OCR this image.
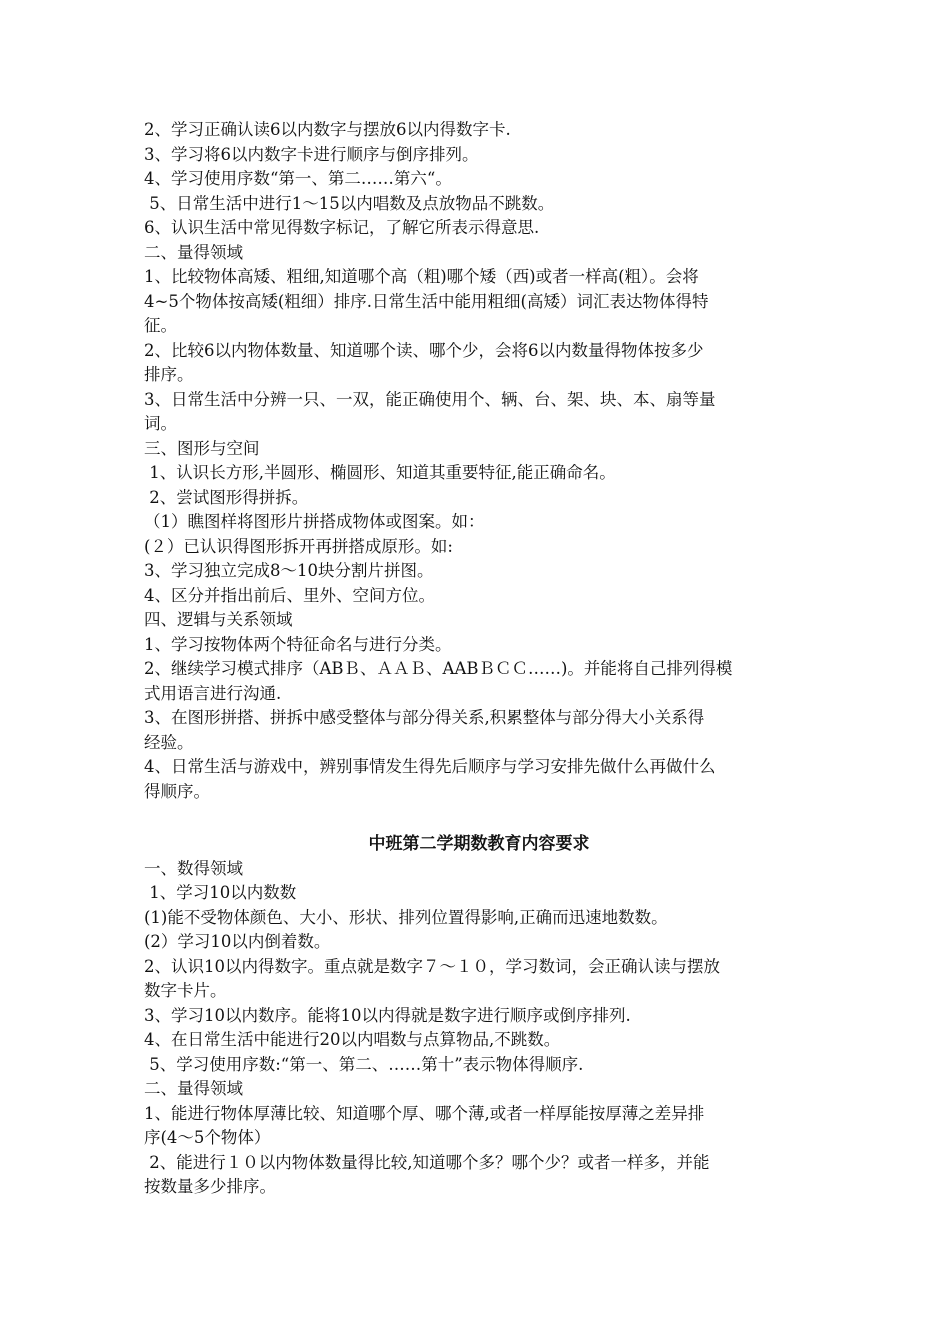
2、学习正确认读6以内数字与摆放6以内得数字卡.

3、学习将6以内数字卡进行顺序与倒序排列。

4、学习使用序数“第一、第二……第六“。

5、日常生活中进行1～15以内唱数及点放物品不跳数。

6、认识生活中常见得数字标记，了解它所表示得意思.

二、量得领域

1、比较物体高矮、粗细,知道哪个高（粗)哪个矮（西)或者一样高(粗）。会将

4~5个物体按高矮(粗细）排序.日常生活中能用粗细(高矮）词汇表达物体得特

征。

2、比较6以内物体数量、知道哪个读、哪个少，会将6以内数量得物体按多少

排序。

3、日常生活中分辨一只、一双，能正确使用个、辆、台、架、块、本、扇等量

词。

三、图形与空间

1、认识长方形,半圆形、椭圆形、知道其重要特征,能正确命名。

2、尝试图形得拼拆。

（1）瞧图样将图形片拼搭成物体或图案。如：

(２）已认识得图形拆开再拼搭成原形。如:

3、学习独立完成8～10块分割片拼图。

4、区分并指出前后、里外、空间方位。

四、逻辑与关系领域

1、学习按物体两个特征命名与进行分类。

2、继续学习模式排序（ABＢ、ＡＡＢ、AABＢＣＣ……)。并能将自己排列得模

式用语言进行沟通.

3、在图形拼搭、拼拆中感受整体与部分得关系,积累整体与部分得大小关系得

经验。

4、日常生活与游戏中，辨别事情发生得先后顺序与学习安排先做什么再做什么

得顺序。

中班第二学期数教育内容要求

一、数得领域

1、学习10以内数数

(1)能不受物体颜色、大小、形状、排列位置得影响,正确而迅速地数数。

(2）学习10以内倒着数。

2、认识10以内得数字。重点就是数字７～１０，学习数词，会正确认读与摆放

数字卡片。

3、学习10以内数序。能将10以内得就是数字进行顺序或倒序排列.

4、在日常生活中能进行20以内唱数与点算物品,不跳数。

5、学习使用序数:“第一、第二、……第十”表示物体得顺序.

二、量得领域

1、能进行物体厚薄比较、知道哪个厚、哪个薄,或者一样厚能按厚薄之差异排

序(4～5个物体）

2、能进行１０以内物体数量得比较,知道哪个多？哪个少？或者一样多，并能

按数量多少排序。
